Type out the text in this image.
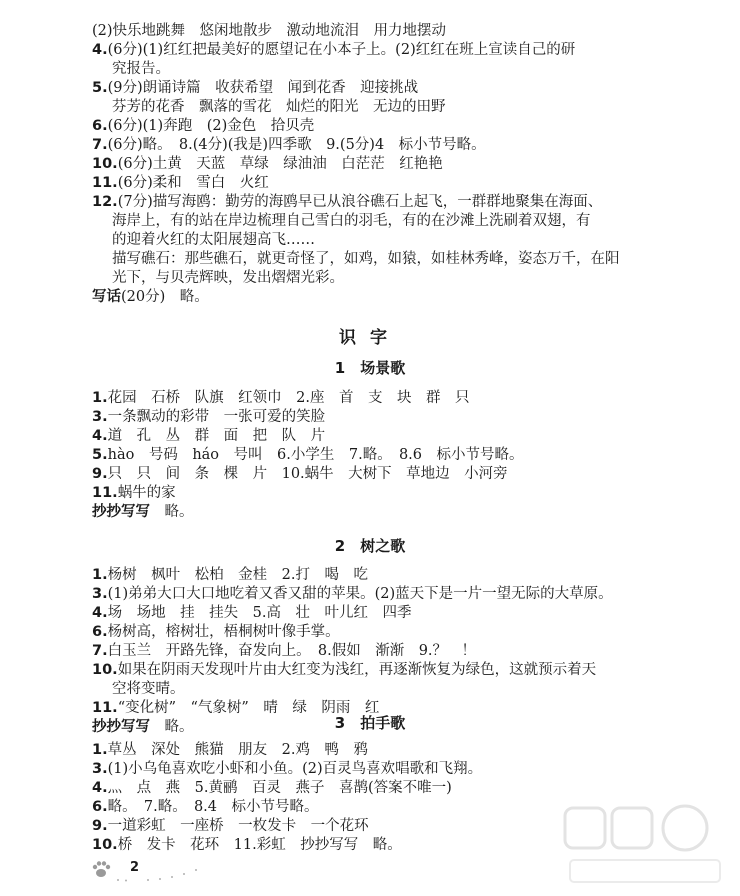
(2)快乐地跳舞　悠闲地散步　激动地流泪　用力地摆动
4.(6分)(1)红红把最美好的愿望记在小本子上。(2)红红在班上宣读自己的研
究报告。
5.(9分)朗诵诗篇　收获希望　闻到花香　迎接挑战
芬芳的花香　飘落的雪花　灿烂的阳光　无边的田野
6.(6分)(1)奔跑　(2)金色　拾贝壳
7.(6分)略。　8.(4分)(我是)四季歌　9.(5分)4　标小节号略。
10.(6分)土黄　天蓝　草绿　绿油油　白茫茫　红艳艳
11.(6分)柔和　雪白　火红
12.(7分)描写海鸥：勤劳的海鸥早已从浪谷礁石上起飞，一群群地聚集在海面、
海岸上，有的站在岸边梳理自己雪白的羽毛，有的在沙滩上洗刷着双翅，有
的迎着火红的太阳展翅高飞……
描写礁石：那些礁石，就更奇怪了，如鸡，如猿，如桂林秀峰，姿态万千，在阳
光下，与贝壳辉映，发出熠熠光彩。
写话(20分)　略。
识字
1　场景歌
1.花园　石桥　队旗　红领巾　2.座　首　支　块　群　只
3.一条飘动的彩带　一张可爱的笑脸
4.道　孔　丛　群　面　把　队　片
5.hào　号码　háo　号叫　6.小学生　7.略。　8.6　标小节号略。
9.只　只　间　条　棵　片　10.蜗牛　大树下　草地边　小河旁
11.蜗牛的家
抄抄写写　略。
2　树之歌
1.杨树　枫叶　松柏　金桂　2.打　喝　吃
3.(1)弟弟大口大口地吃着又香又甜的苹果。(2)蓝天下是一片一望无际的大草原。
4.场　场地　挂　挂失　5.高　壮　叶儿红　四季
6.杨树高，榕树壮，梧桐树叶像手掌。
7.白玉兰　开路先锋，奋发向上。　8.假如　渐渐　9.？　！
10.如果在阴雨天发现叶片由大红变为浅红，再逐渐恢复为绿色，这就预示着天
空将变晴。
11.“变化树”　“气象树”　晴　绿　阴雨　红
抄抄写写　略。	3　拍手歌
1.草丛　深处　熊猫　朋友　2.鸡　鸭　鸦
3.(1)小乌龟喜欢吃小虾和小鱼。(2)百灵鸟喜欢唱歌和飞翔。
4.灬　点　燕　5.黄鹂　百灵　燕子　喜鹊(答案不唯一)
6.略。　7.略。　8.4　标小节号略。
9.一道彩虹　一座桥　一枚发卡　一个花环
10.桥　发卡　花环　11.彩虹　抄抄写写　略。
2
